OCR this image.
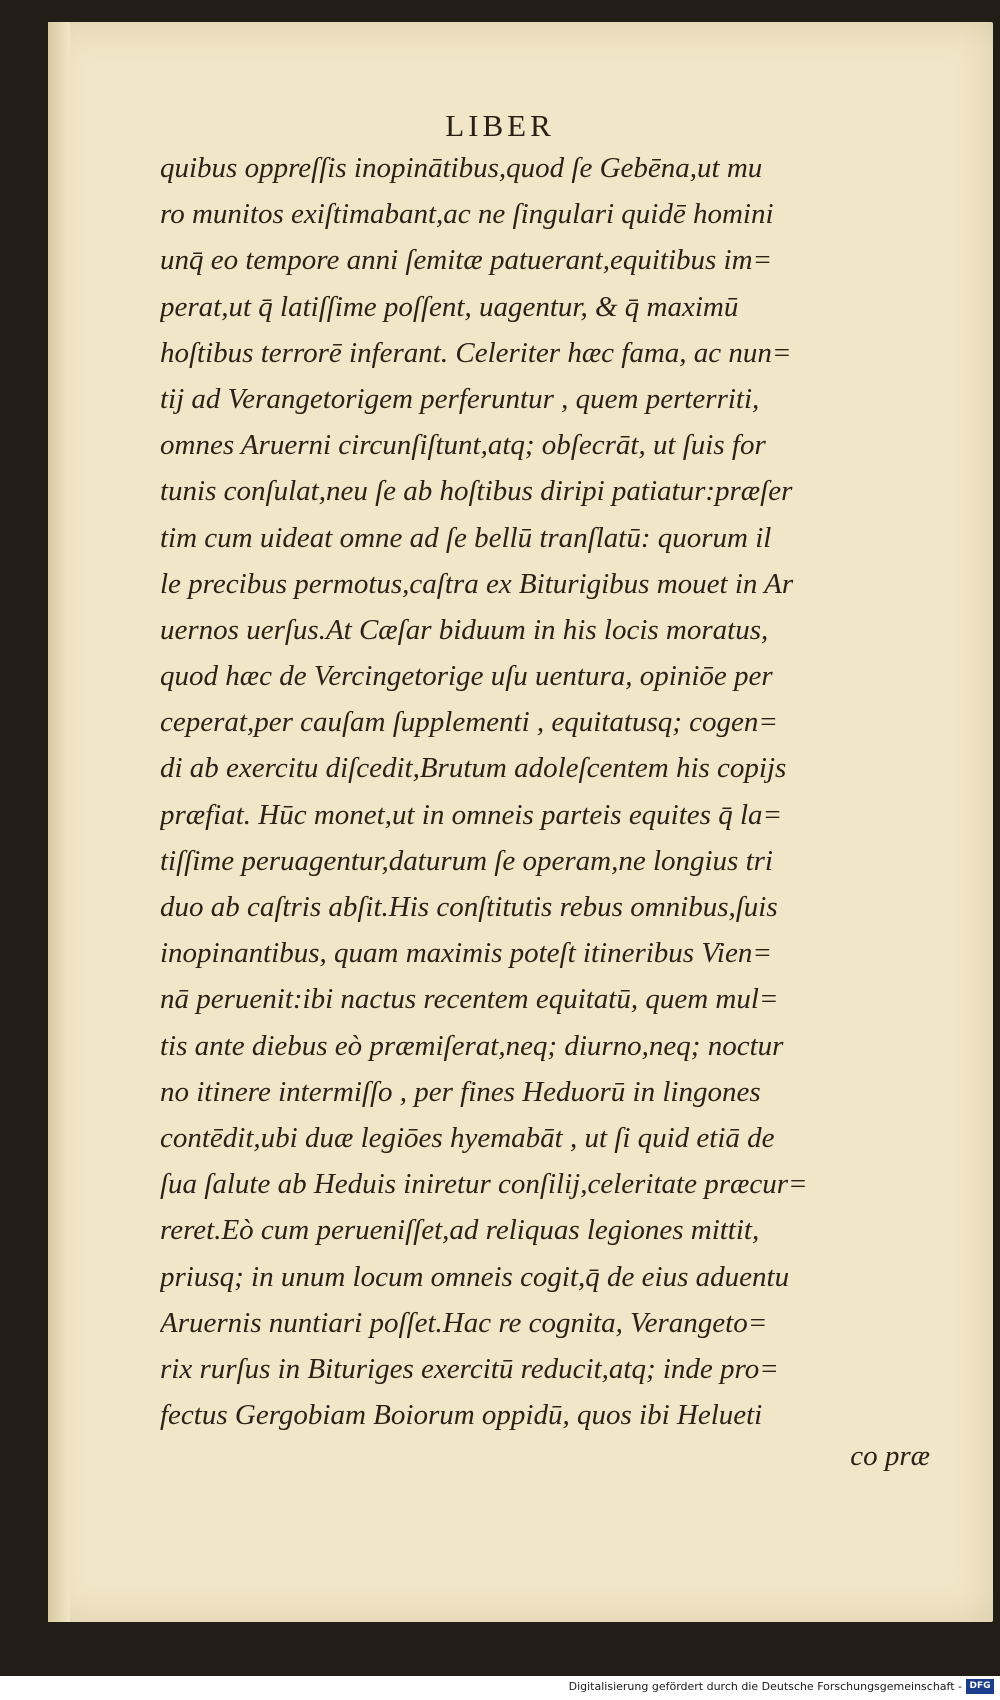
LIBER
quibus oppreſſis inopinātibus,quod ſe Gebēna,ut mu
ro munitos exiſtimabant,ac ne ſingulari quidē homini
unq̄ eo tempore anni ſemitæ patuerant,equitibus im=
perat,ut q̄ latiſſime poſſent, uagentur, & q̄ maximū
hoſtibus terrorē inferant. Celeriter hæc fama, ac nun=
tij ad Verangetorigem perferuntur , quem perterriti,
omnes Aruerni circunſiſtunt,atq; obſecrāt, ut ſuis for
tunis conſulat,neu ſe ab hoſtibus diripi patiatur:præſer
tim cum uideat omne ad ſe bellū tranſlatū: quorum il
le precibus permotus,caſtra ex Biturigibus mouet in Ar
uernos uerſus.At Cæſar biduum in his locis moratus,
quod hæc de Vercingetorige uſu uentura, opiniōe per
ceperat,per cauſam ſupplementi , equitatusq; cogen=
di ab exercitu diſcedit,Brutum adoleſcentem his copijs
præfiat. Hūc monet,ut in omneis parteis equites q̄ la=
tiſſime peruagentur,daturum ſe operam,ne longius tri
duo ab caſtris abſit.His conſtitutis rebus omnibus,ſuis
inopinantibus, quam maximis poteſt itineribus Vien=
nā peruenit:ibi nactus recentem equitatū, quem mul=
tis ante diebus eò præmiſerat,neq; diurno,neq; noctur
no itinere intermiſſo , per fines Heduorū in lingones
contēdit,ubi duæ legiōes hyemabāt , ut ſi quid etiā de
ſua ſalute ab Heduis iniretur conſilij,celeritate præcur=
reret.Eò cum perueniſſet,ad reliquas legiones mittit,
priusq; in unum locum omneis cogit,q̄ de eius aduentu
Aruernis nuntiari poſſet.Hac re cognita, Verangeto=
rix rurſus in Bituriges exercitū reducit,atq; inde pro=
fectus Gergobiam Boiorum oppidū, quos ibi Helueti
co præ
Digitalisierung gefördert durch die Deutsche Forschungsgemeinschaft - DFG
